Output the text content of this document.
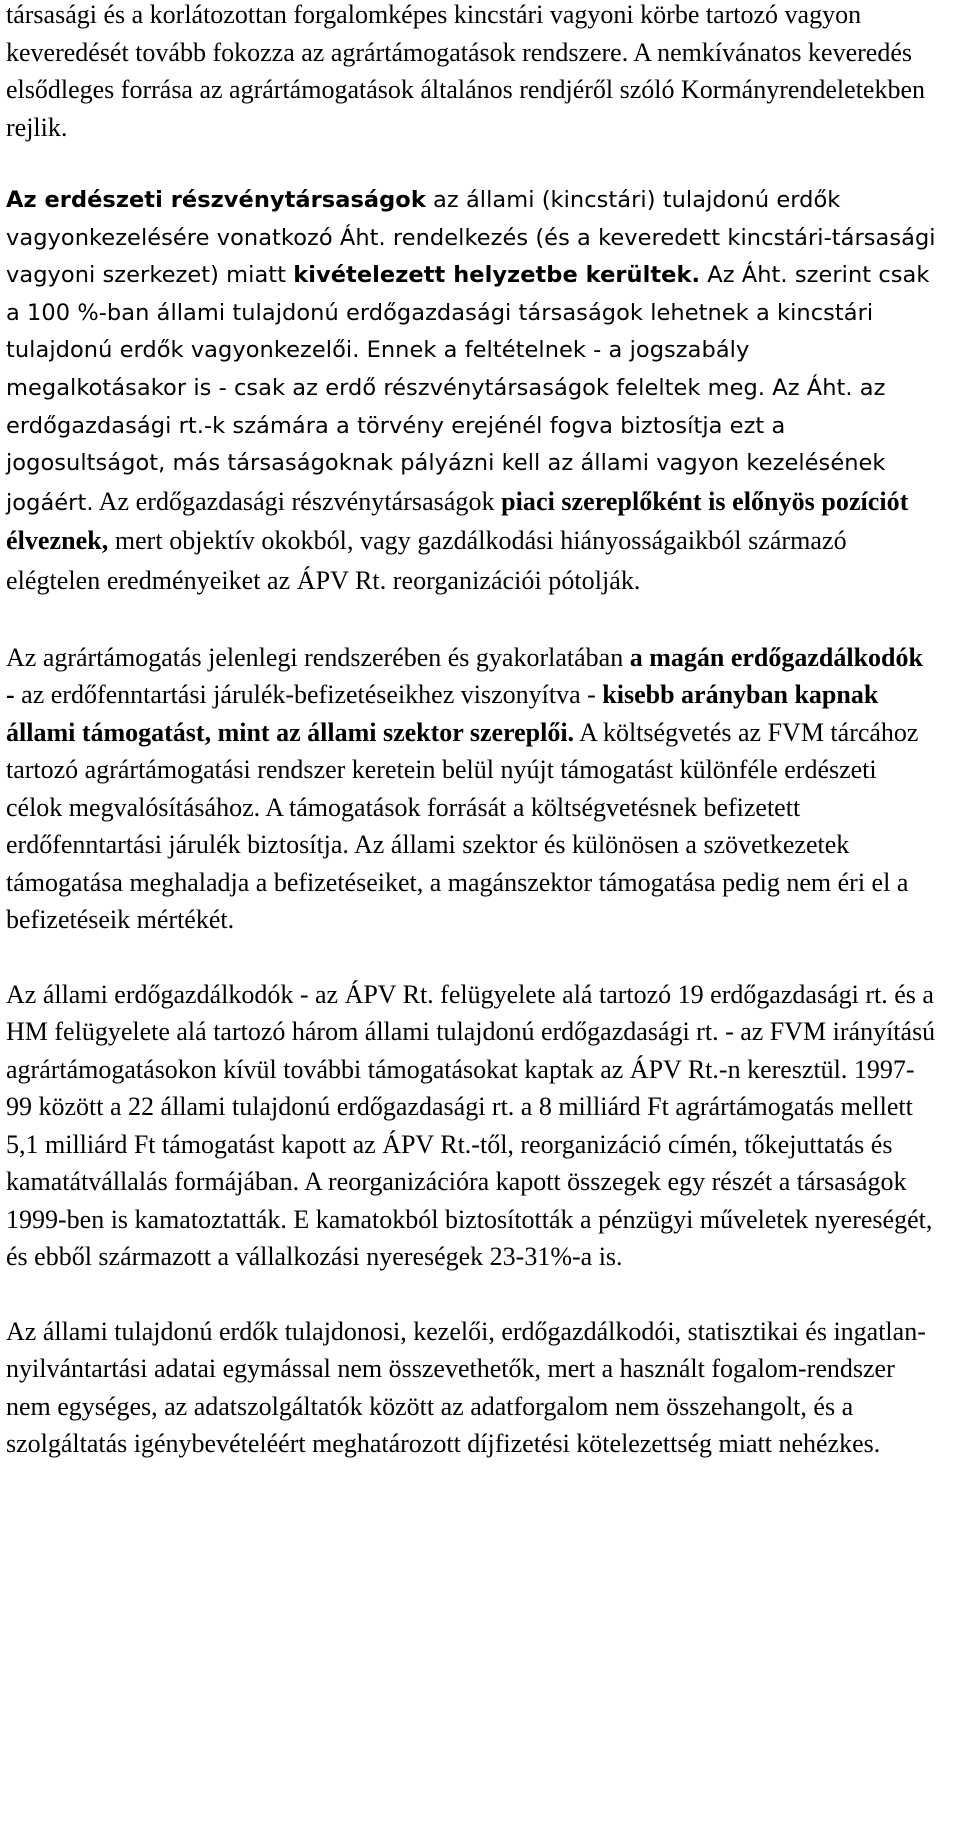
társasági és a korlátozottan forgalomképes kincstári vagyoni körbe tartozó vagyon keveredését tovább fokozza az agrártámogatások rendszere. A nemkívánatos keveredés elsődleges forrása az agrártámogatások általános rendjéről szóló Kormányrendeletekben rejlik.

Az erdészeti részvénytársaságok az állami (kincstári) tulajdonú erdők vagyonkezelésére vonatkozó Áht. rendelkezés (és a keveredett kincstári-társasági vagyoni szerkezet) miatt kivételezett helyzetbe kerültek. Az Áht. szerint csak a 100 %-ban állami tulajdonú erdőgazdasági társaságok lehetnek a kincstári tulajdonú erdők vagyonkezelői. Ennek a feltételnek - a jogszabály megalkotásakor is - csak az erdő részvénytársaságok feleltek meg. Az Áht. az erdőgazdasági rt.-k számára a törvény erejénél fogva biztosítja ezt a jogosultságot, más társaságoknak pályázni kell az állami vagyon kezelésének jogáért. Az erdőgazdasági részvénytársaságok piaci szereplőként is előnyös pozíciót élveznek, mert objektív okokból, vagy gazdálkodási hiányosságaikból származó elégtelen eredményeiket az ÁPV Rt. reorganizációi pótolják.

Az agrártámogatás jelenlegi rendszerében és gyakorlatában a magán erdőgazdálkodók - az erdőfenntartási járulék-befizetéseikhez viszonyítva - kisebb arányban kapnak állami támogatást, mint az állami szektor szereplői. A költségvetés az FVM tárcához tartozó agrártámogatási rendszer keretein belül nyújt támogatást különféle erdészeti célok megvalósításához. A támogatások forrását a költségvetésnek befizetett erdőfenntartási járulék biztosítja. Az állami szektor és különösen a szövetkezetek támogatása meghaladja a befizetéseiket, a magánszektor támogatása pedig nem éri el a befizetéseik mértékét.

Az állami erdőgazdálkodók - az ÁPV Rt. felügyelete alá tartozó 19 erdőgazdasági rt. és a HM felügyelete alá tartozó három állami tulajdonú erdőgazdasági rt. - az FVM irányítású agrártámogatásokon kívül további támogatásokat kaptak az ÁPV Rt.-n keresztül. 1997-99 között a 22 állami tulajdonú erdőgazdasági rt. a 8 milliárd Ft agrártámogatás mellett 5,1 milliárd Ft támogatást kapott az ÁPV Rt.-től, reorganizáció címén, tőkejuttatás és kamatátvállalás formájában. A reorganizációra kapott összegek egy részét a társaságok 1999-ben is kamatoztatták. E kamatokból biztosították a pénzügyi műveletek nyereségét, és ebből származott a vállalkozási nyereségek 23-31%-a is.

Az állami tulajdonú erdők tulajdonosi, kezelői, erdőgazdálkodói, statisztikai és ingatlan-nyilvántartási adatai egymással nem összevethetők, mert a használt fogalom-rendszer nem egységes, az adatszolgáltatók között az adatforgalom nem összehangolt, és a szolgáltatás igénybevételéért meghatározott díjfizetési kötelezettség miatt nehézkes.
